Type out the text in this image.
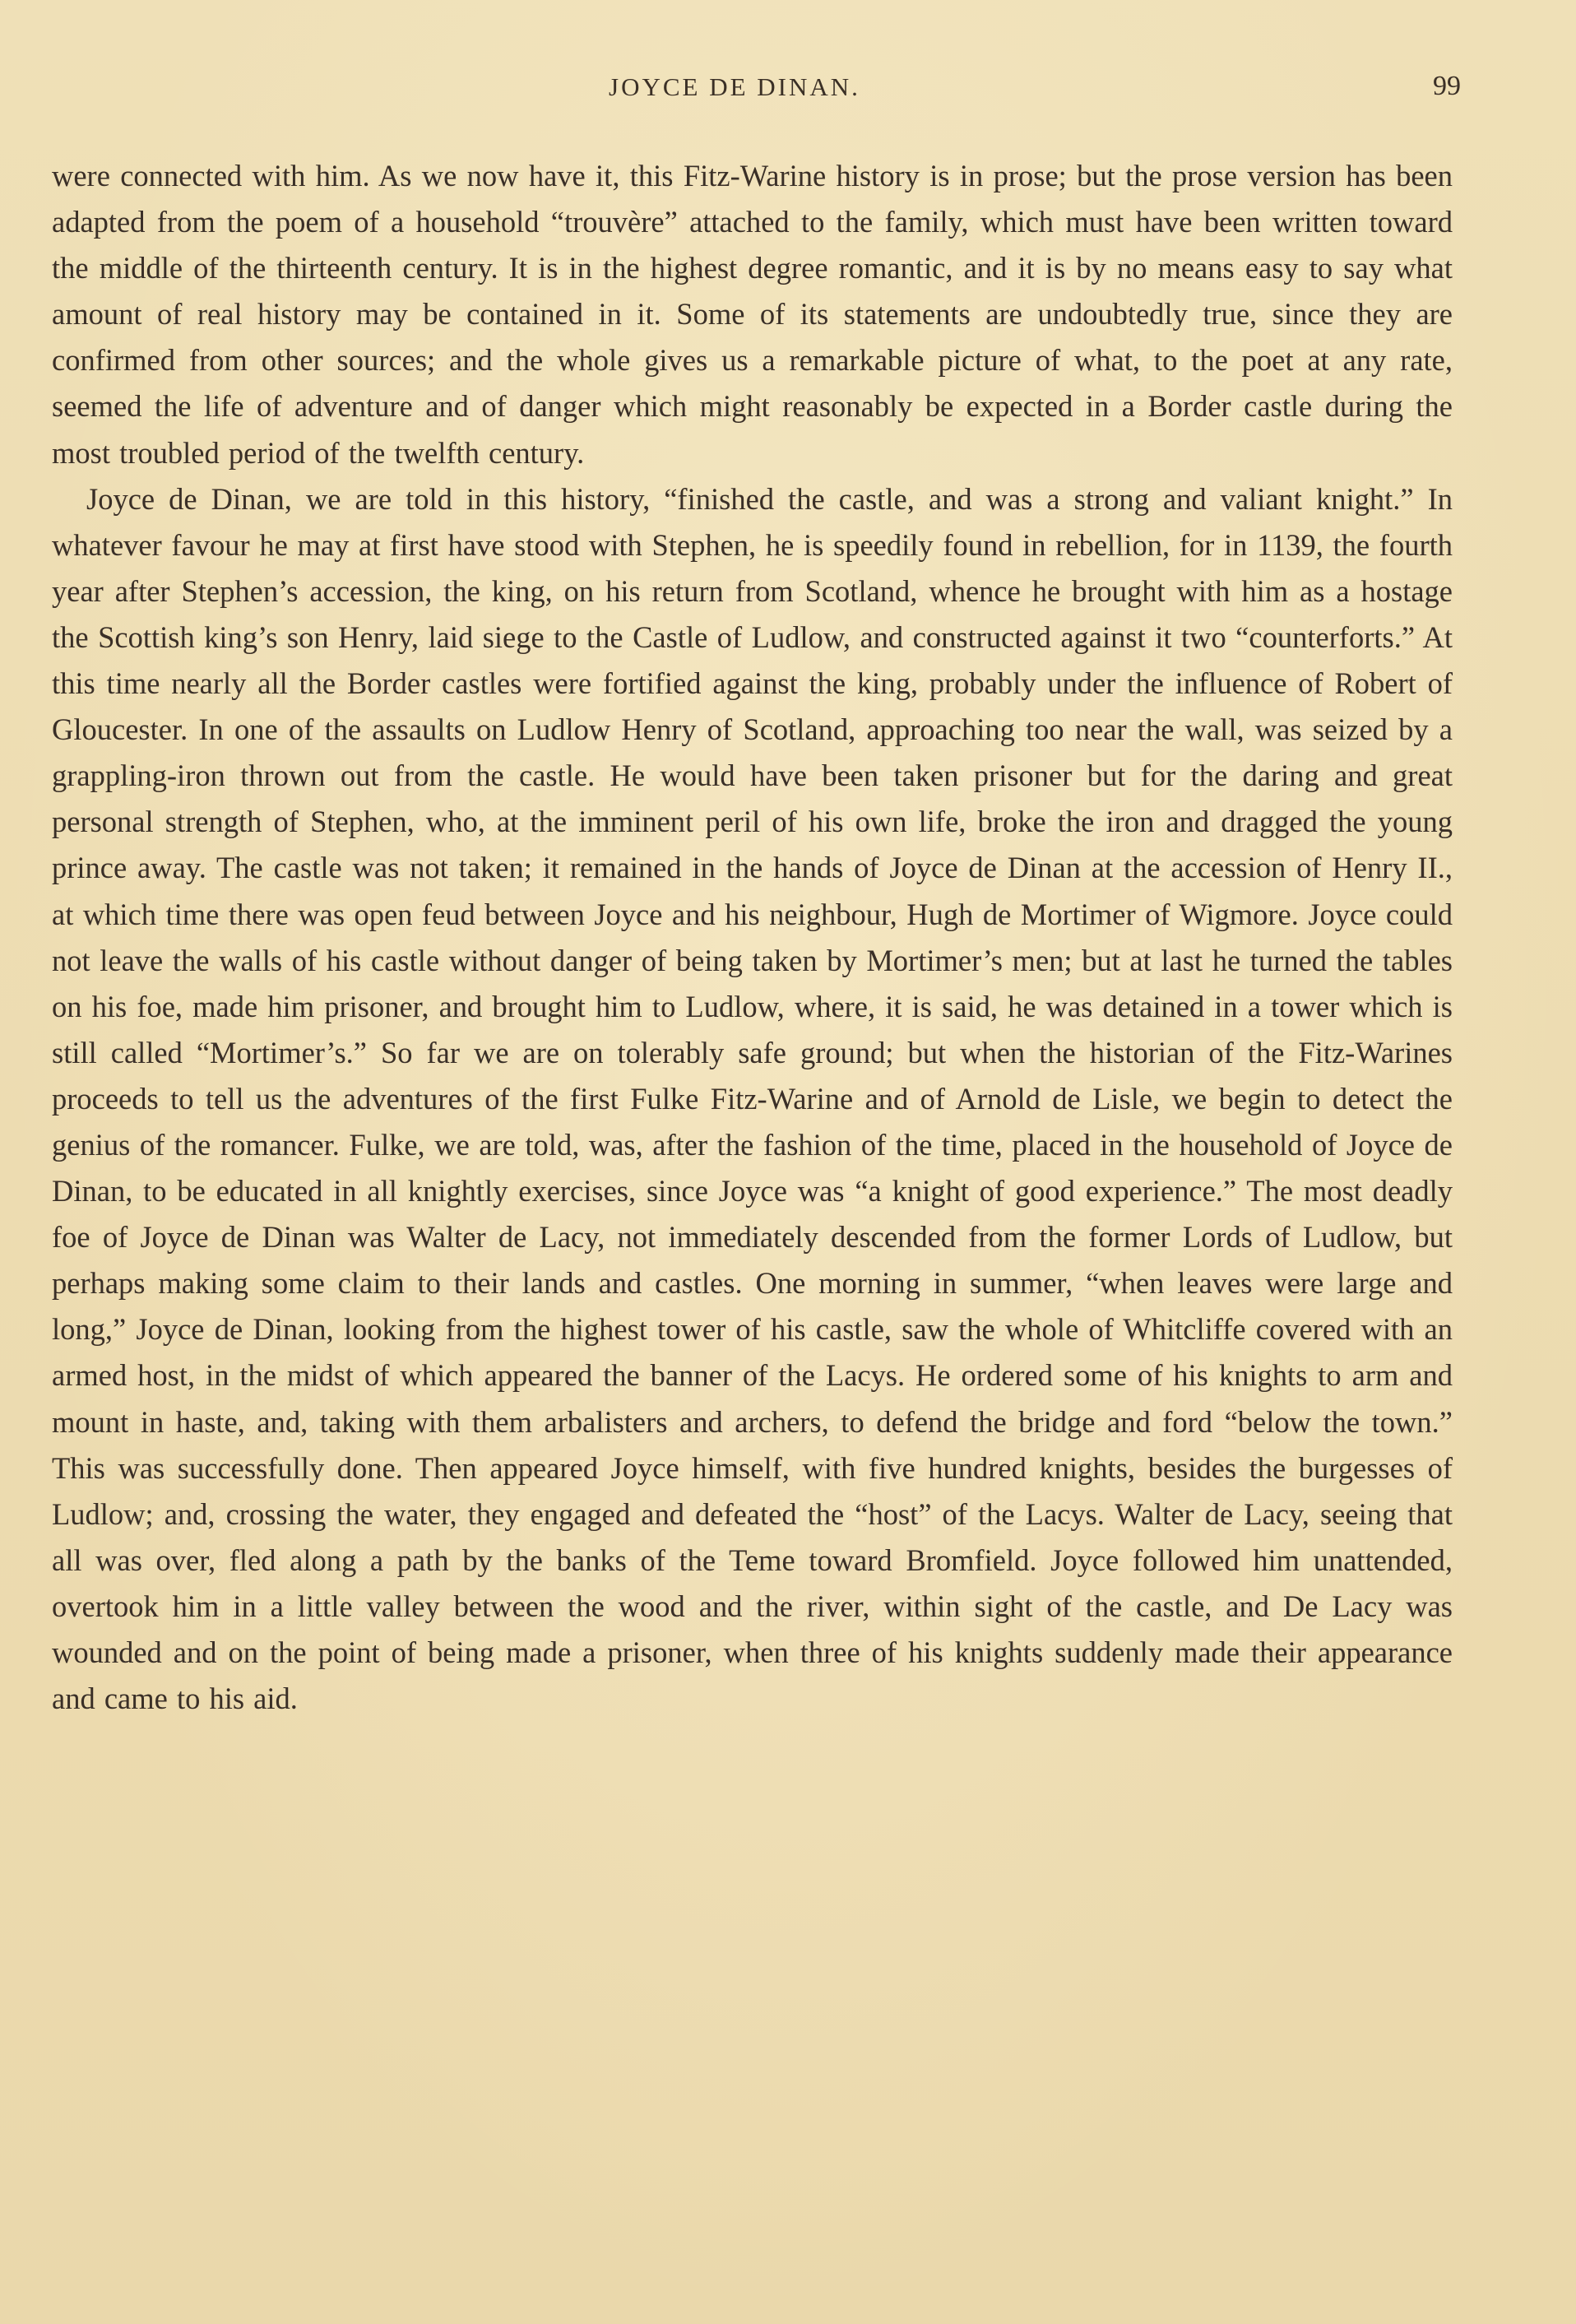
JOYCE DE DINAN.	99

were connected with him. As we now have it, this Fitz-Warine history is in prose; but the prose version has been adapted from the poem of a household “trouvère” attached to the family, which must have been written toward the middle of the thirteenth century. It is in the highest degree romantic, and it is by no means easy to say what amount of real history may be contained in it. Some of its statements are undoubtedly true, since they are confirmed from other sources; and the whole gives us a remarkable picture of what, to the poet at any rate, seemed the life of adventure and of danger which might reasonably be expected in a Border castle during the most troubled period of the twelfth century.

Joyce de Dinan, we are told in this history, “finished the castle, and was a strong and valiant knight.” In whatever favour he may at first have stood with Stephen, he is speedily found in rebellion, for in 1139, the fourth year after Stephen’s accession, the king, on his return from Scotland, whence he brought with him as a hostage the Scottish king’s son Henry, laid siege to the Castle of Ludlow, and constructed against it two “counterforts.” At this time nearly all the Border castles were fortified against the king, probably under the influence of Robert of Gloucester. In one of the assaults on Ludlow Henry of Scotland, approaching too near the wall, was seized by a grappling-iron thrown out from the castle. He would have been taken prisoner but for the daring and great personal strength of Stephen, who, at the imminent peril of his own life, broke the iron and dragged the young prince away. The castle was not taken; it remained in the hands of Joyce de Dinan at the accession of Henry II., at which time there was open feud between Joyce and his neighbour, Hugh de Mortimer of Wigmore. Joyce could not leave the walls of his castle without danger of being taken by Mortimer’s men; but at last he turned the tables on his foe, made him prisoner, and brought him to Ludlow, where, it is said, he was detained in a tower which is still called “Mortimer’s.” So far we are on tolerably safe ground; but when the historian of the Fitz-Warines proceeds to tell us the adventures of the first Fulke Fitz-Warine and of Arnold de Lisle, we begin to detect the genius of the romancer. Fulke, we are told, was, after the fashion of the time, placed in the household of Joyce de Dinan, to be educated in all knightly exercises, since Joyce was “a knight of good experience.” The most deadly foe of Joyce de Dinan was Walter de Lacy, not immediately descended from the former Lords of Ludlow, but perhaps making some claim to their lands and castles. One morning in summer, “when leaves were large and long,” Joyce de Dinan, looking from the highest tower of his castle, saw the whole of Whitcliffe covered with an armed host, in the midst of which appeared the banner of the Lacys. He ordered some of his knights to arm and mount in haste, and, taking with them arbalisters and archers, to defend the bridge and ford “below the town.” This was successfully done. Then appeared Joyce himself, with five hundred knights, besides the burgesses of Ludlow; and, crossing the water, they engaged and defeated the “host” of the Lacys. Walter de Lacy, seeing that all was over, fled along a path by the banks of the Teme toward Bromfield. Joyce followed him unattended, overtook him in a little valley between the wood and the river, within sight of the castle, and De Lacy was wounded and on the point of being made a prisoner, when three of his knights suddenly made their appearance and came to his aid.
